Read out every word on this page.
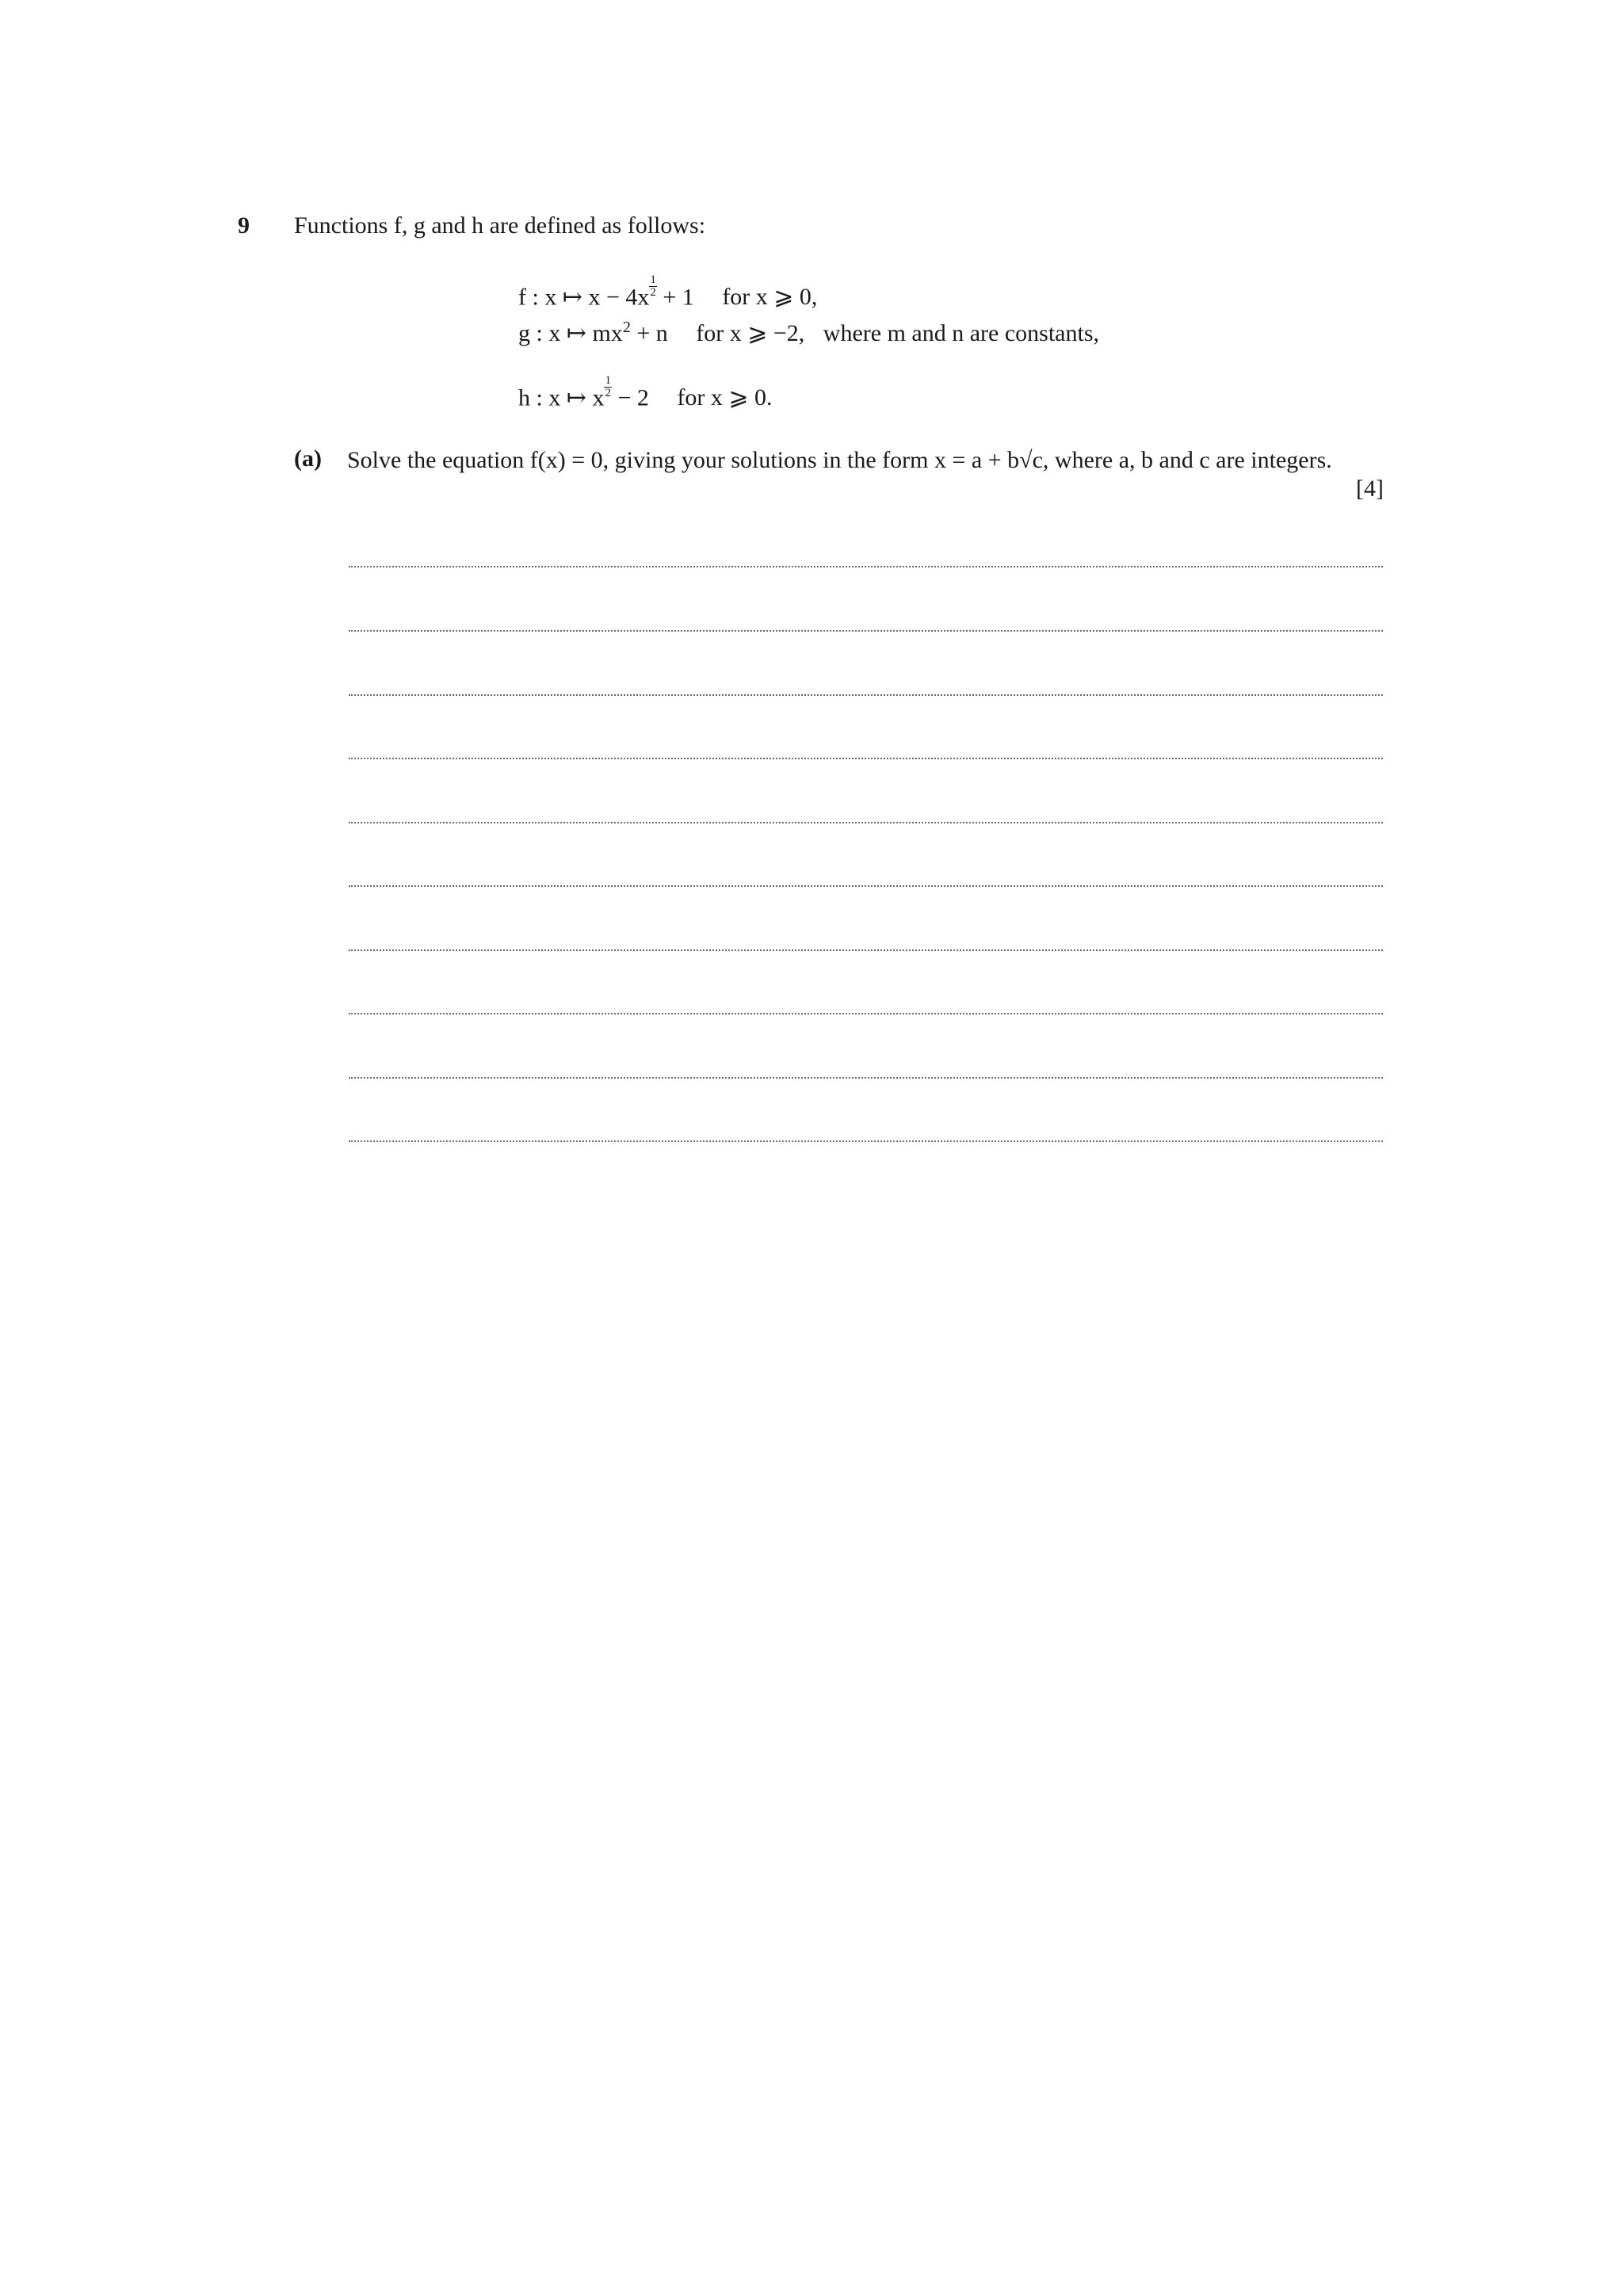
9 Functions f, g and h are defined as follows:
f : x ↦ $x - 4x \frac{1}{2} + 1$ for x ⩾ 0,
g : x ↦ $mx^2 + n$ for x ⩾ −2, where m and n are constants,
h : x ↦ x $\frac{1}{2} - 2$ for x ⩾ 0.
(a) Solve the equation f(x) = 0, giving your solutions in the form x = a + b√c, where a, b and c are integers.
[4]
